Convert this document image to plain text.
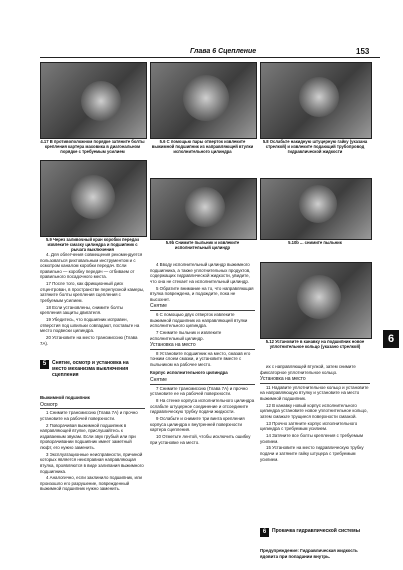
Глава 6 Сцепление	153
4.17 В противоположном порядке затяните болты крепления картера маховика в диагональном порядке с требуемым усилием
5.6 С помощью пары отверток извлеките выжимной подшипник из направляющей втулки исполнительного цилиндра
5.8 Ослабьте накидную штуцерную гайку (указана стрелкой) и извлеките подающий трубопровод гидравлической жидкости
5.9 Через заливочный кран коробки передач извлеките смазку цилиндра и подшипник с рычага выключения
5.9b Снимите пыльник и извлеките исполнительный цилиндр
5.10b ... снимите пыльник
5.12 Установите в канавку на подшипник новое уплотнительное кольцо (указано стрелкой)

4. Для облегчения совмещения рекомендуется пользоваться рихтовальным инструментом и с осмотром каналом коробки передач. Если правильно — коробку передач — отбиваем от правильного посадочного места.

17 После того, как фрикционный диск отцентрован, в пространстве перепускной камеры, затяните болты крепления сцепления с требуемым усилием.

18 Если установлены, снимите болты крепления защиты двигателя.

19 Убедитесь, что подшипник исправен, отверстия под шпильки совпадают, поставьте на место подвески цилиндра.

20 Установите на место трансмиссию (Глава 7А).

5	Снятие, осмотр и установка на место механизма выключения сцепления

Выжимной подшипник

Осмотр

1 Снимите трансмиссию (Глава 7А) и прочно установите на рабочей поверхности.

2 Поворачивая выжимной подшипник в направляющей втулке, прислушайтесь к издаваемым звукам. Если звук грубый или при проворачивании подшипник имеет заметный люфт, его нужно заменить.

3 Эксплуатационные неисправности, причиной которых является неисправная направляющая втулка, проявляются в виде залипания выжимного подшипника.

4 Аналогично, если заклинило подшипник, или произошло его разрушение, поврежденный выжимной подшипник нужно заменить.

4 Вводу исполнительный цилиндр выжимного подшипника, а также уплотнительных продуктов, содержащих гидравлической жидкости, увидите, что она не стекает на исполнительный цилиндр.

5 Обратите внимание на то, что направляющая втулка повреждена, и подождите, пока не высохнет.

Снятие

6 С помощью двух отверток извлеките выжимной подшипник из направляющей втулки исполнительного цилиндра.

7 Снимите пыльник и извлеките исполнительный цилиндр.

Установка на место

8 Установите подшипник на место, смазав его тонким слоем смазки, и установите вместе с пыльником на рабочее место.

Корпус исполнительного цилиндра

Снятие

7 Снимите трансмиссию (Глава 7А) и прочно установите ее на рабочей поверхности.

8 На стенке корпуса исполнительного цилиндра ослабьте штуцерное соединение и отсоедините гидравлическую трубку подачи жидкости.

9 Ослабьте и снимите три винта крепления корпуса цилиндра к внутренней поверхности картера сцепления.

10 Отметьте лентой, чтобы исключить ошибку при установке на место.

их с направляющей втулкой, затем снимите фиксаторное уплотнительное кольцо.

Установка на место

11 Надавите уплотнительное кольцо и установите на направляющую втулку и установите на место выжимной подшипник.

12 В канавку новый корпус исполнительного цилиндра установите новое уплотнительное кольцо, затем смажьте трущиеся поверхности смазкой.

13 Прочно затяните корпус исполнительного цилиндра с требуемым усилием.

14 Затяните все болты крепления с требуемым усилием.

15 Установите на место гидравлическую трубку подачи и затяните гайку штуцера с требуемым усилием.

6	Прокачка гидравлической системы

Предупреждение: Гидравлическая жидкость ядовита при попадании внутрь.

6
